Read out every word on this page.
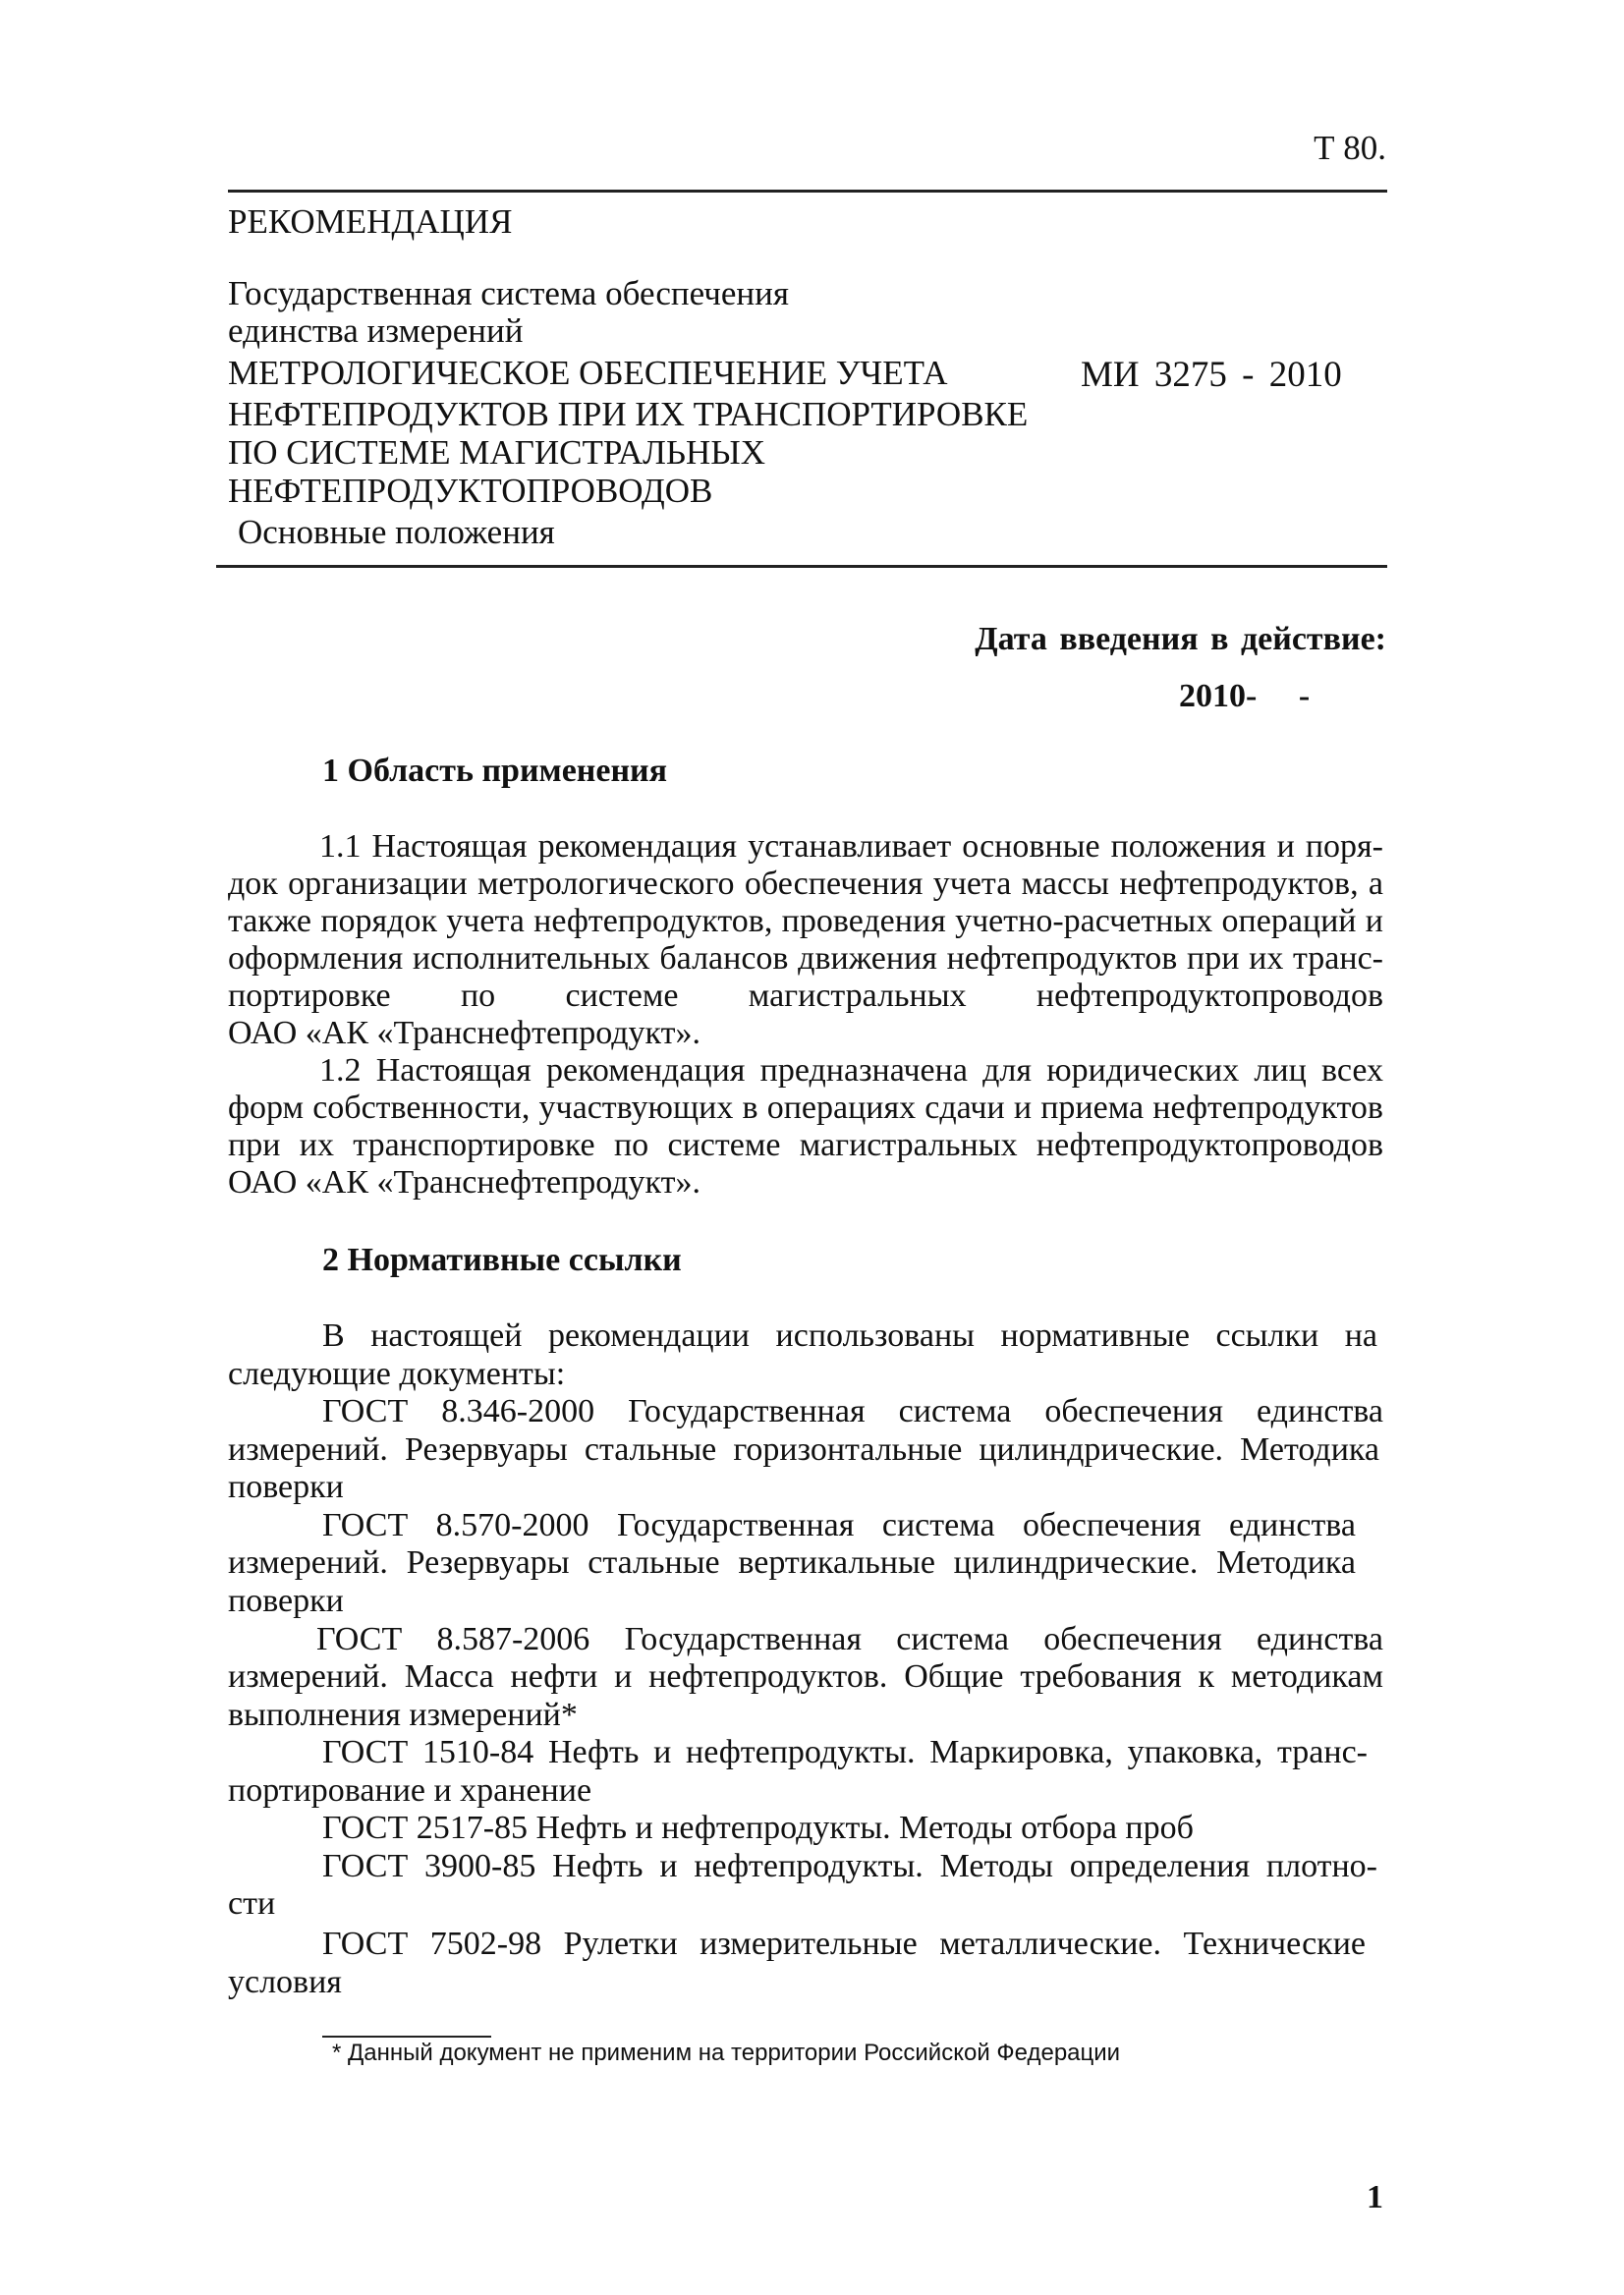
Т 80.
РЕКОМЕНДАЦИЯ
Государственная система обеспечения
единства измерений
МЕТРОЛОГИЧЕСКОЕ ОБЕСПЕЧЕНИЕ УЧЕТА
НЕФТЕПРОДУКТОВ ПРИ ИХ ТРАНСПОРТИРОВКЕ
ПО СИСТЕМЕ МАГИСТРАЛЬНЫХ
НЕФТЕПРОДУКТОПРОВОДОВ
Основные положения
МИ 3275 - 2010
Дата введения в действие:
2010-     -
1 Область применения
1.1 Настоящая рекомендация устанавливает основные положения и поря-
док организации метрологического обеспечения учета массы нефтепродуктов, а
также порядок учета нефтепродуктов, проведения учетно-расчетных операций и
оформления исполнительных балансов движения нефтепродуктов при их транс-
портировке по системе магистральных нефтепродуктопроводов
ОАО «АК «Транснефтепродукт».
1.2 Настоящая рекомендация предназначена для юридических лиц всех
форм собственности, участвующих в операциях сдачи и приема нефтепродуктов
при их транспортировке по системе магистральных нефтепродуктопроводов
ОАО «АК «Транснефтепродукт».
2 Нормативные ссылки
В настоящей рекомендации использованы нормативные ссылки на
следующие документы:
ГОСТ 8.346-2000 Государственная система обеспечения единства
измерений. Резервуары стальные горизонтальные цилиндрические. Методика
поверки
ГОСТ 8.570-2000 Государственная система обеспечения единства
измерений. Резервуары стальные вертикальные цилиндрические. Методика
поверки
ГОСТ 8.587-2006 Государственная система обеспечения единства
измерений. Масса нефти и нефтепродуктов. Общие требования к методикам
выполнения измерений*
ГОСТ 1510-84 Нефть и нефтепродукты. Маркировка, упаковка, транс-
портирование и хранение
ГОСТ 2517-85 Нефть и нефтепродукты. Методы отбора проб
ГОСТ 3900-85 Нефть и нефтепродукты. Методы определения плотно-
сти
ГОСТ 7502-98 Рулетки измерительные металлические. Технические
условия
* Данный документ не применим на территории Российской Федерации
1
